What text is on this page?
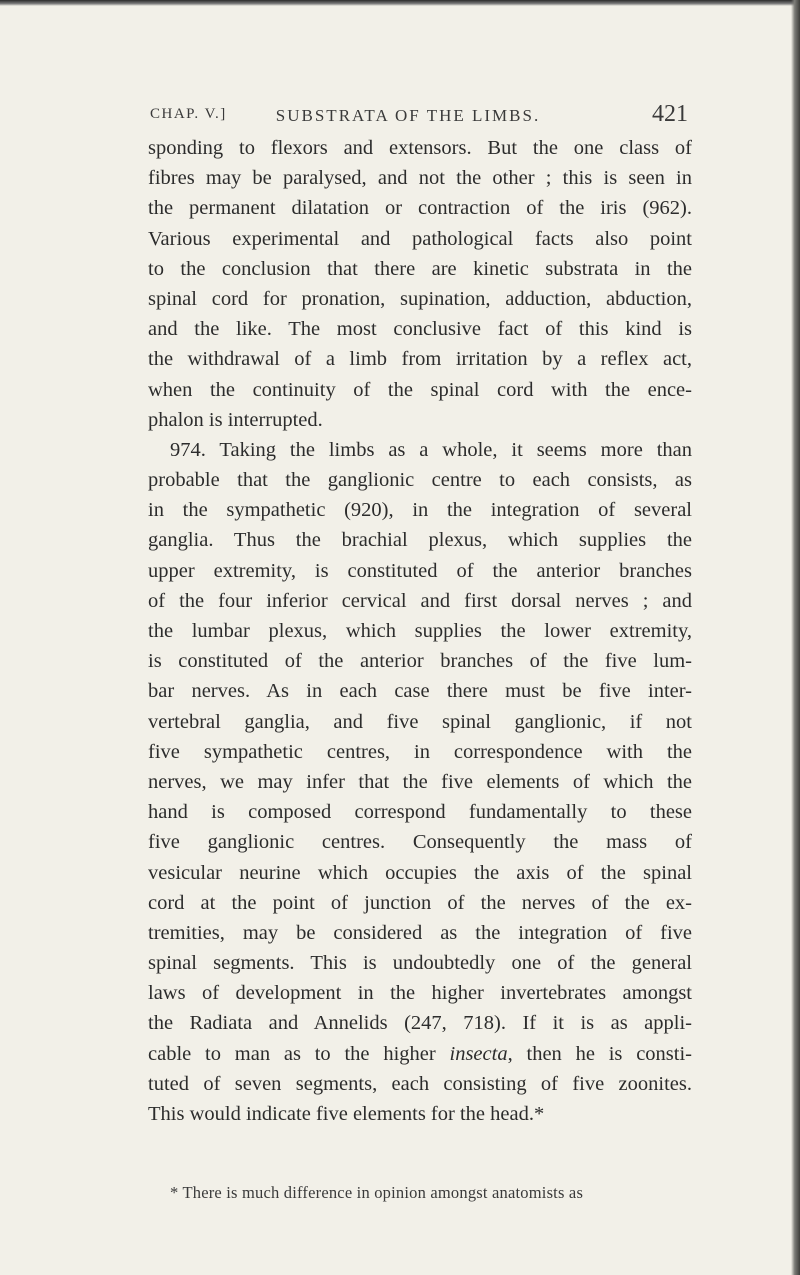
CHAP. V.]	SUBSTRATA OF THE LIMBS.	421
sponding to flexors and extensors. But the one class of
fibres may be paralysed, and not the other ; this is seen in
the permanent dilatation or contraction of the iris (962).
Various experimental and pathological facts also point
to the conclusion that there are kinetic substrata in the
spinal cord for pronation, supination, adduction, abduction,
and the like. The most conclusive fact of this kind is
the withdrawal of a limb from irritation by a reflex act,
when the continuity of the spinal cord with the ence-
phalon is interrupted.
974. Taking the limbs as a whole, it seems more than
probable that the ganglionic centre to each consists, as
in the sympathetic (920), in the integration of several
ganglia. Thus the brachial plexus, which supplies the
upper extremity, is constituted of the anterior branches
of the four inferior cervical and first dorsal nerves ; and
the lumbar plexus, which supplies the lower extremity,
is constituted of the anterior branches of the five lum-
bar nerves. As in each case there must be five inter-
vertebral ganglia, and five spinal ganglionic, if not
five sympathetic centres, in correspondence with the
nerves, we may infer that the five elements of which the
hand is composed correspond fundamentally to these
five ganglionic centres. Consequently the mass of
vesicular neurine which occupies the axis of the spinal
cord at the point of junction of the nerves of the ex-
tremities, may be considered as the integration of five
spinal segments. This is undoubtedly one of the general
laws of development in the higher invertebrates amongst
the Radiata and Annelids (247, 718). If it is as appli-
cable to man as to the higher insecta, then he is consti-
tuted of seven segments, each consisting of five zoonites.
This would indicate five elements for the head.*
* There is much difference in opinion amongst anatomists as
